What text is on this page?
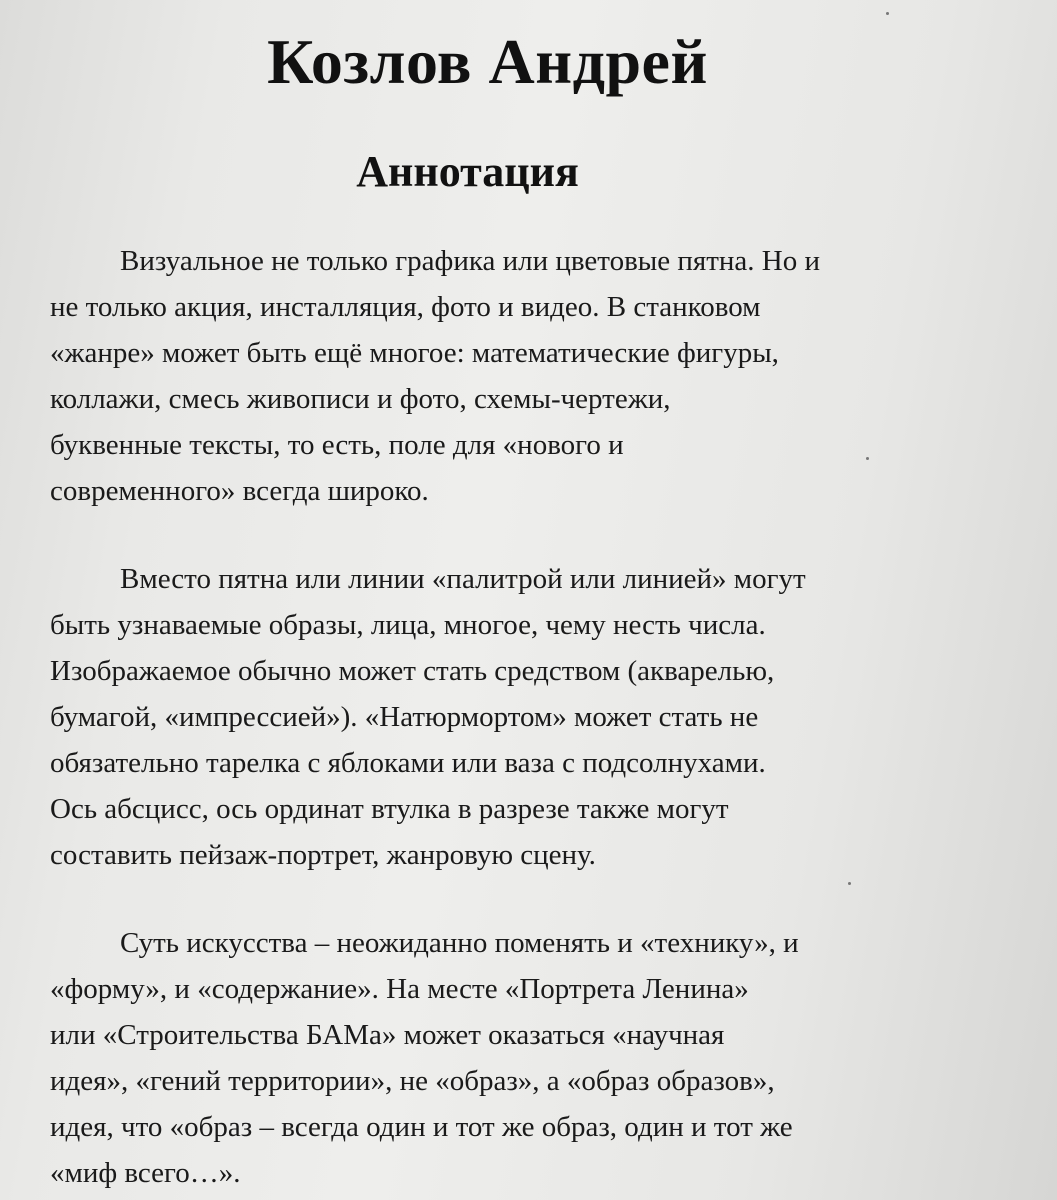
Козлов Андрей
Аннотация
Визуальное не только графика или цветовые пятна. Но и
не только акция, инсталляция, фото и видео. В станковом
«жанре» может быть ещё многое: математические фигуры,
коллажи, смесь живописи и фото, схемы-чертежи,
буквенные тексты, то есть, поле для «нового и
современного» всегда широко.
Вместо пятна или линии «палитрой или линией» могут
быть узнаваемые образы, лица, многое, чему несть числа.
Изображаемое обычно может стать средством (акварелью,
бумагой, «импрессией»). «Натюрмортом» может стать не
обязательно тарелка с яблоками или ваза с подсолнухами.
Ось абсцисс, ось ординат втулка в разрезе также могут
составить пейзаж-портрет, жанровую сцену.
Суть искусства – неожиданно поменять и «технику», и
«форму», и «содержание». На месте «Портрета Ленина»
или «Строительства БАМа» может оказаться «научная
идея», «гений территории», не «образ», а «образ образов»,
идея, что «образ – всегда один и тот же образ, один и тот же
«миф всего…».
